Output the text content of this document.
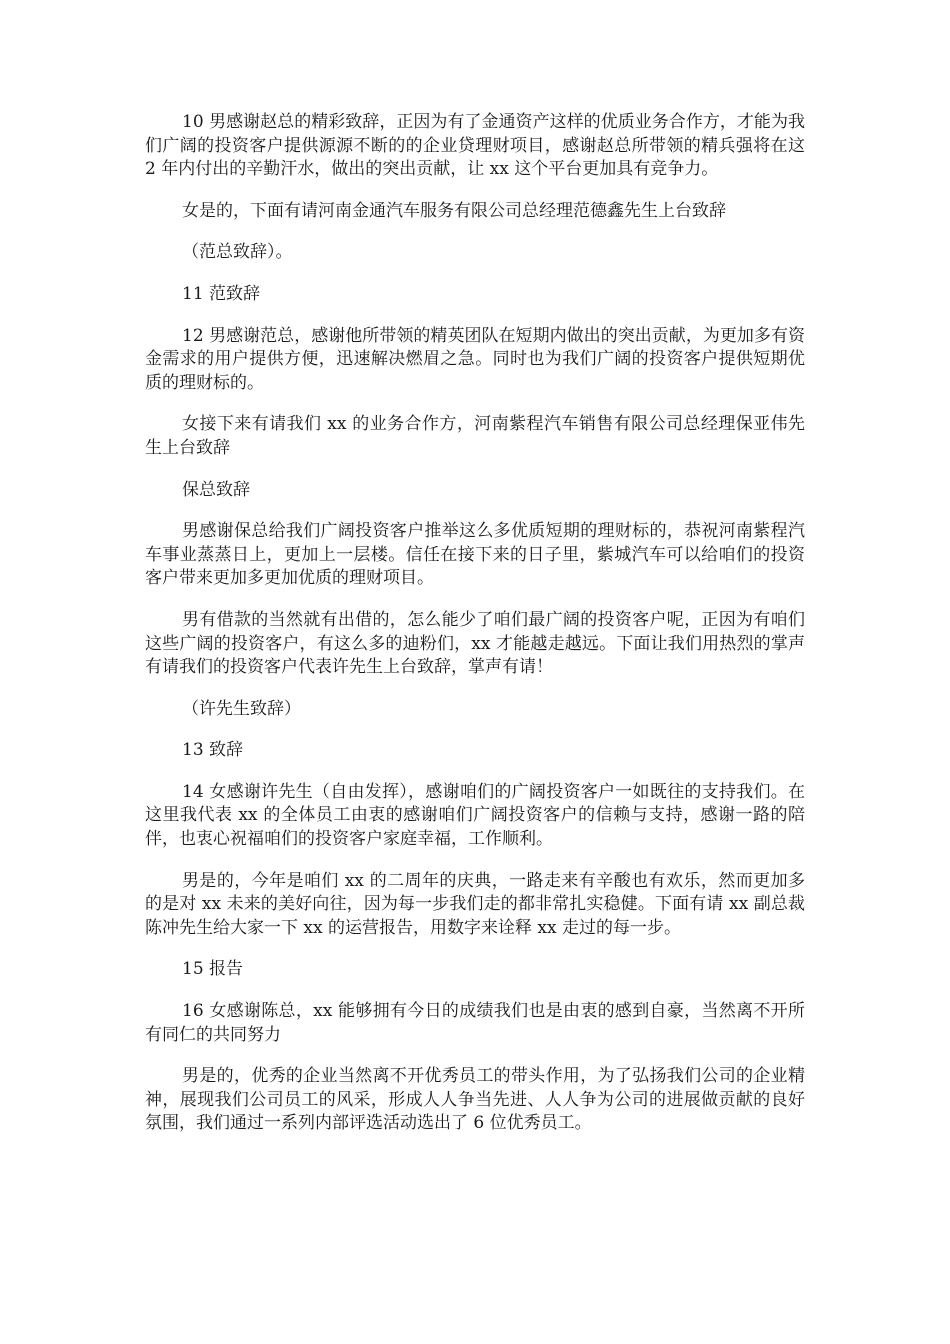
10 男感谢赵总的精彩致辞，正因为有了金通资产这样的优质业务合作方，才能为我们广阔的投资客户提供源源不断的的企业贷理财项目，感谢赵总所带领的精兵强将在这 2 年内付出的辛勤汗水，做出的突出贡献，让 xx 这个平台更加具有竞争力。

女是的，下面有请河南金通汽车服务有限公司总经理范德鑫先生上台致辞

（范总致辞）。

11 范致辞

12 男感谢范总，感谢他所带领的精英团队在短期内做出的突出贡献，为更加多有资金需求的用户提供方便，迅速解决燃眉之急。同时也为我们广阔的投资客户提供短期优质的理财标的。

女接下来有请我们 xx 的业务合作方，河南紫程汽车销售有限公司总经理保亚伟先生上台致辞

保总致辞

男感谢保总给我们广阔投资客户推举这么多优质短期的理财标的，恭祝河南紫程汽车事业蒸蒸日上，更加上一层楼。信任在接下来的日子里，紫城汽车可以给咱们的投资客户带来更加多更加优质的理财项目。

男有借款的当然就有出借的，怎么能少了咱们最广阔的投资客户呢，正因为有咱们这些广阔的投资客户，有这么多的迪粉们，xx 才能越走越远。下面让我们用热烈的掌声有请我们的投资客户代表许先生上台致辞，掌声有请！

（许先生致辞）

13 致辞

14 女感谢许先生（自由发挥），感谢咱们的广阔投资客户一如既往的支持我们。在这里我代表 xx 的全体员工由衷的感谢咱们广阔投资客户的信赖与支持，感谢一路的陪伴，也衷心祝福咱们的投资客户家庭幸福，工作顺利。

男是的，今年是咱们 xx 的二周年的庆典，一路走来有辛酸也有欢乐，然而更加多的是对 xx 未来的美好向往，因为每一步我们走的都非常扎实稳健。下面有请 xx 副总裁陈冲先生给大家一下 xx 的运营报告，用数字来诠释 xx 走过的每一步。

15 报告

16 女感谢陈总，xx 能够拥有今日的成绩我们也是由衷的感到自豪，当然离不开所有同仁的共同努力

男是的，优秀的企业当然离不开优秀员工的带头作用，为了弘扬我们公司的企业精神，展现我们公司员工的风采，形成人人争当先进、人人争为公司的进展做贡献的良好氛围，我们通过一系列内部评选活动选出了 6 位优秀员工。
